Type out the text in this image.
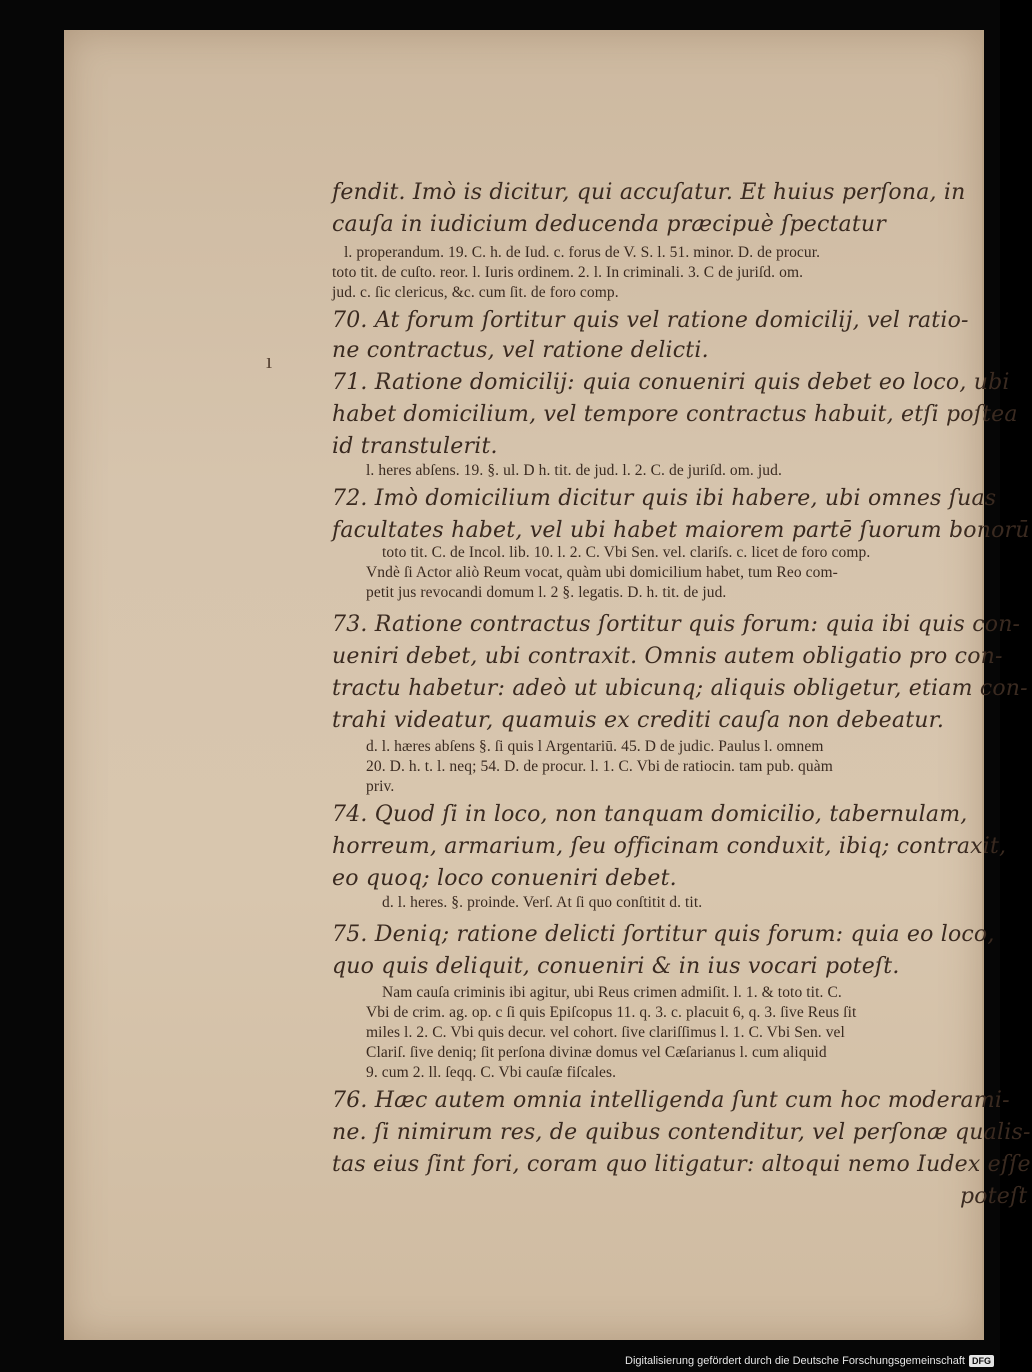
ı
fendit. Imò is dicitur, qui accuſatur. Et huius perſona, in
cauſa in iudicium deducenda præcipuè ſpectatur
l. properandum. 19. C. h. de Iud. c. forus de V. S. l. 51. minor. D. de procur.
toto tit. de cuſto. reor. l. Iuris ordinem. 2. l. In criminali. 3. C de juriſd. om.
jud. c. ſic clericus, &c. cum ſit. de foro comp.
70. At forum ſortitur quis vel ratione domicilij, vel ratio-
ne contractus, vel ratione delicti.
71. Ratione domicilij: quia conueniri quis debet eo loco, ubi
habet domicilium, vel tempore contractus habuit, etſi poſtea
id transtulerit.
l. heres abſens. 19. §. ul. D h. tit. de jud. l. 2. C. de juriſd. om. jud.
72. Imò domicilium dicitur quis ibi habere, ubi omnes ſuas
facultates habet, vel ubi habet maiorem partē ſuorum bonorū
toto tit. C. de Incol. lib. 10. l. 2. C. Vbi Sen. vel. clariſs. c. licet de foro comp.
Vndè ſi Actor aliò Reum vocat, quàm ubi domicilium habet, tum Reo com-
petit jus revocandi domum l. 2 §. legatis. D. h. tit. de jud.
73. Ratione contractus ſortitur quis forum: quia ibi quis con-
ueniri debet, ubi contraxit. Omnis autem obligatio pro con-
tractu habetur: adeò ut ubicunq; aliquis obligetur, etiam con-
trahi videatur, quamuis ex crediti cauſa non debeatur.
d. l. hæres abſens §. ſi quis l Argentariū. 45. D de judic. Paulus l. omnem
20. D. h. t. l. neq; 54. D. de procur. l. 1. C. Vbi de ratiocin. tam pub. quàm
priv.
74. Quod ſi in loco, non tanquam domicilio, tabernulam,
horreum, armarium, ſeu officinam conduxit, ibiq; contraxit,
eo quoq; loco conueniri debet.
d. l. heres. §. proinde. Verſ. At ſi quo conſtitit d. tit.
75. Deniq; ratione delicti ſortitur quis forum: quia eo loco,
quo quis deliquit, conueniri & in ius vocari poteſt.
Nam cauſa criminis ibi agitur, ubi Reus crimen admiſit. l. 1. & toto tit. C.
Vbi de crim. ag. op. c ſi quis Epiſcopus 11. q. 3. c. placuit 6, q. 3. ſive Reus ſit
miles l. 2. C. Vbi quis decur. vel cohort. ſive clariſſimus l. 1. C. Vbi Sen. vel
Clariſ. ſive deniq; ſit perſona divinæ domus vel Cæſarianus l. cum aliquid
9. cum 2. ll. ſeqq. C. Vbi cauſæ fiſcales.
76. Hæc autem omnia intelligenda ſunt cum hoc moderami-
ne. ſi nimirum res, de quibus contenditur, vel perſonæ qualis-
tas eius ſint fori, coram quo litigatur: altoqui nemo Iudex eſſe
poteſt
Digitalisierung gefördert durch die Deutsche Forschungsgemeinschaft DFG
